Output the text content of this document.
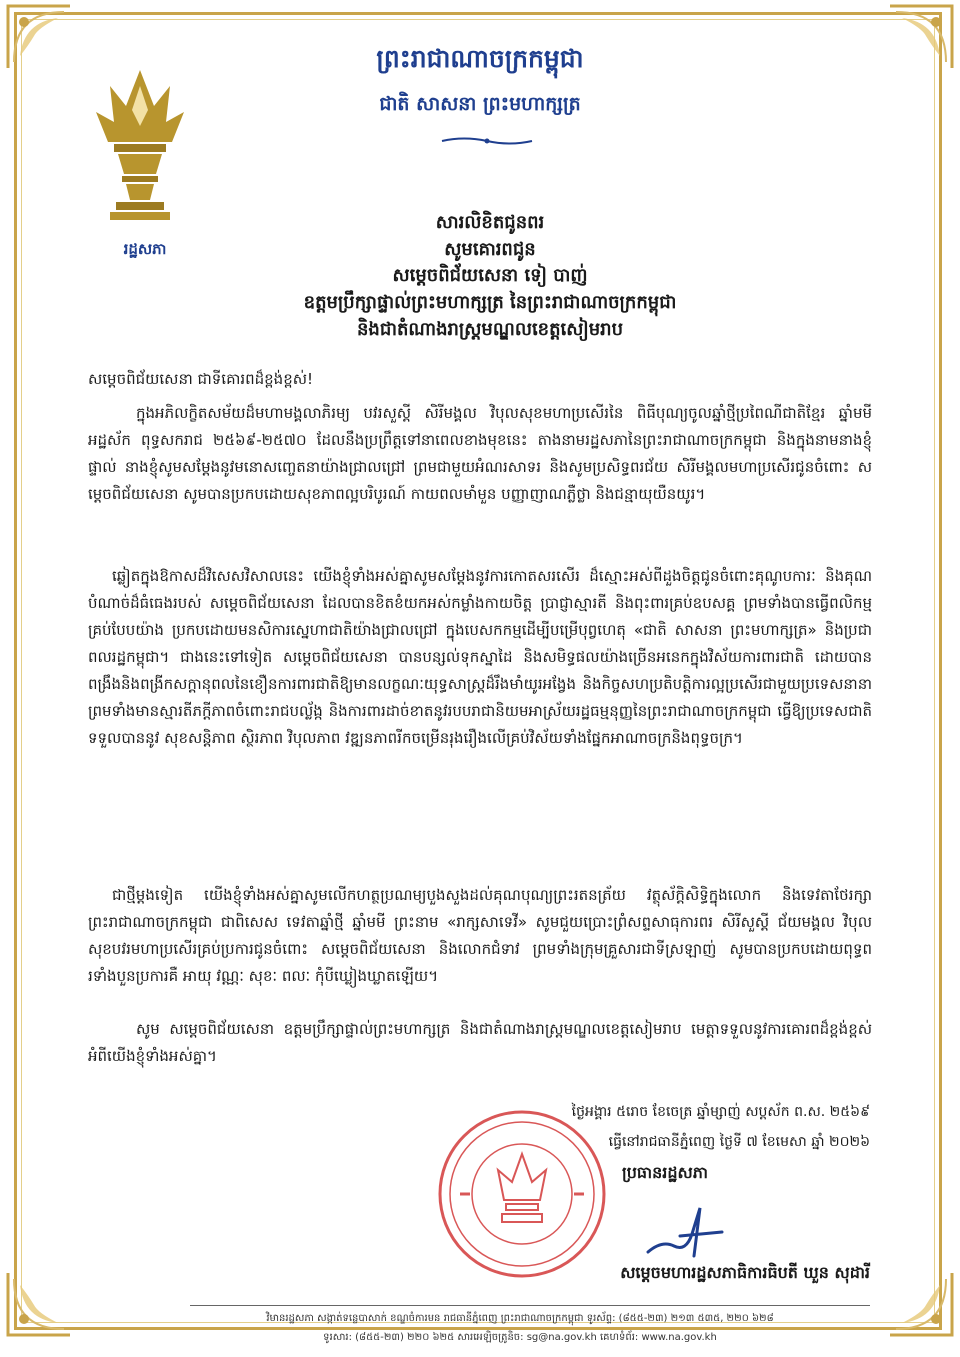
រដ្ឋសភា
ព្រះរាជាណាចក្រកម្ពុជា
ជាតិ សាសនា ព្រះមហាក្សត្រ
សារលិខិតជូនពរ
សូមគោរពជូន
សម្តេចពិជ័យសេនា ទៀ បាញ់
ឧត្តមប្រឹក្សាផ្ទាល់ព្រះមហាក្សត្រ នៃព្រះរាជាណាចក្រកម្ពុជា
និងជាតំណាងរាស្ត្រមណ្ឌលខេត្តសៀមរាប
សម្តេចពិជ័យសេនា ជាទីគោរពដ៏ខ្ពង់ខ្ពស់!
ក្នុងអភិលក្ខិតសម័យដ៏មហាមង្គលាភិរម្យ បវរសួស្តី សិរីមង្គល វិបុលសុខមហាប្រសើរនៃ ពិធីបុណ្យចូលឆ្នាំថ្មីប្រពៃណីជាតិខ្មែរ ឆ្នាំមមី អដ្ឋស័ក ពុទ្ធសករាជ ២៥៦៩-២៥៧០ ដែលនឹងប្រព្រឹត្តទៅនាពេលខាងមុខនេះ តាងនាមរដ្ឋសភានៃព្រះរាជាណាចក្រកម្ពុជា និងក្នុងនាមនាងខ្ញុំផ្ទាល់ នាងខ្ញុំសូមសម្តែងនូវមនោសញ្ចេតនាយ៉ាងជ្រាលជ្រៅ ព្រមជាមួយអំណរសាទរ និងសូមប្រសិទ្ធពរជ័យ សិរីមង្គលមហាប្រសើរជូនចំពោះ សម្តេចពិជ័យសេនា សូមបានប្រកបដោយសុខភាពល្អបរិបូរណ៍ កាយពលមាំមួន បញ្ញាញាណភ្លឺថ្លា និងជន្មាយុយឺនយូរ។
ឆ្លៀតក្នុងឱកាសដ៏វិសេសវិសាលនេះ យើងខ្ញុំទាំងអស់គ្នាសូមសម្តែងនូវការកោតសរសើរ ដ៏ស្មោះអស់ពីដួងចិត្តជូនចំពោះគុណូបការៈ និងគុណបំណាច់ដ៏ធំធេងរបស់ សម្តេចពិជ័យសេនា ដែលបានខិតខំយកអស់កម្លាំងកាយចិត្ត ប្រាជ្ញាស្មារតី និងពុះពារគ្រប់ឧបសគ្គ ព្រមទាំងបានធ្វើពលិកម្មគ្រប់បែបយ៉ាង ប្រកបដោយមនសិការស្នេហាជាតិយ៉ាងជ្រាលជ្រៅ ក្នុងបេសកកម្មដើម្បីបម្រើបុព្វហេតុ «ជាតិ សាសនា ព្រះមហាក្សត្រ» និងប្រជាពលរដ្ឋកម្ពុជា។ ជាងនេះទៅទៀត សម្តេចពិជ័យសេនា បានបន្សល់ទុកស្នាដៃ និងសមិទ្ធផលយ៉ាងច្រើនអនេកក្នុងវិស័យការពារជាតិ ដោយបានពង្រឹងនិងពង្រីកសក្តានុពលនៃខឿនការពារជាតិឱ្យមានលក្ខណៈយុទ្ធសាស្ត្រដ៏រឹងមាំយូរអង្វែង និងកិច្ចសហប្រតិបត្តិការល្អប្រសើរជាមួយប្រទេសនានា ព្រមទាំងមានស្មារតីភក្តីភាពចំពោះរាជបល្ល័ង្ក និងការពារដាច់ខាតនូវរបបរាជានិយមអាស្រ័យរដ្ឋធម្មនុញ្ញនៃព្រះរាជាណាចក្រកម្ពុជា ធ្វើឱ្យប្រទេសជាតិទទួលបាននូវ សុខសន្តិភាព ស្ថិរភាព វិបុលភាព វឌ្ឍនភាពរីកចម្រើនរុងរឿងលើគ្រប់វិស័យទាំងផ្នែកអាណាចក្រនិងពុទ្ធចក្រ។
ជាថ្មីម្តងទៀត យើងខ្ញុំទាំងអស់គ្នាសូមលើកហត្ថប្រណម្យបួងសួងដល់គុណបុណ្យព្រះរតនត្រ័យ វត្ថុស័ក្តិសិទ្ធិក្នុងលោក និងទេវតាថែរក្សាព្រះរាជាណាចក្រកម្ពុជា ជាពិសេស ទេវតាឆ្នាំថ្មី ឆ្នាំមមី ព្រះនាម «រាក្សសាទេវី» សូមជួយប្រោះព្រំសព្ទសាធុការពរ សិរីសួស្តី ជ័យមង្គល វិបុលសុខបវរមហាប្រសើរគ្រប់ប្រការជូនចំពោះ សម្តេចពិជ័យសេនា និងលោកជំទាវ ព្រមទាំងក្រុមគ្រួសារជាទីស្រឡាញ់ សូមបានប្រកបដោយពុទ្ធពរទាំងបួនប្រការគឺ អាយុ វណ្ណៈ សុខៈ ពលៈ កុំបីឃ្លៀងឃ្លាតឡើយ។
សូម សម្តេចពិជ័យសេនា ឧត្តមប្រឹក្សាផ្ទាល់ព្រះមហាក្សត្រ និងជាតំណាងរាស្ត្រមណ្ឌលខេត្តសៀមរាប មេត្តាទទួលនូវការគោរពដ៏ខ្ពង់ខ្ពស់អំពីយើងខ្ញុំទាំងអស់គ្នា។
ថ្ងៃអង្គារ ៥រោច ខែចេត្រ ឆ្នាំម្សាញ់ សប្តស័ក ព.ស. ២៥៦៩
ធ្វើនៅរាជធានីភ្នំពេញ ថ្ងៃទី ៧ ខែមេសា ឆ្នាំ ២០២៦
ប្រធានរដ្ឋសភា
សម្តេចមហារដ្ឋសភាធិការធិបតី ឃួន សុដារី
វិមានរដ្ឋសភា សង្កាត់ទន្លេបាសាក់ ខណ្ឌចំការមន រាជធានីភ្នំពេញ ព្រះរាជាណាចក្រកម្ពុជា ទូរស័ព្ទ: (៨៥៥-២៣) ២១៣ ៥៣៥, ២២០ ៦២៨
ទូរសារ: (៨៥៥-២៣) ២២០ ៦២៥ សារអេឡិចត្រូនិច: sg@na.gov.kh គេហទំព័រ: www.na.gov.kh
